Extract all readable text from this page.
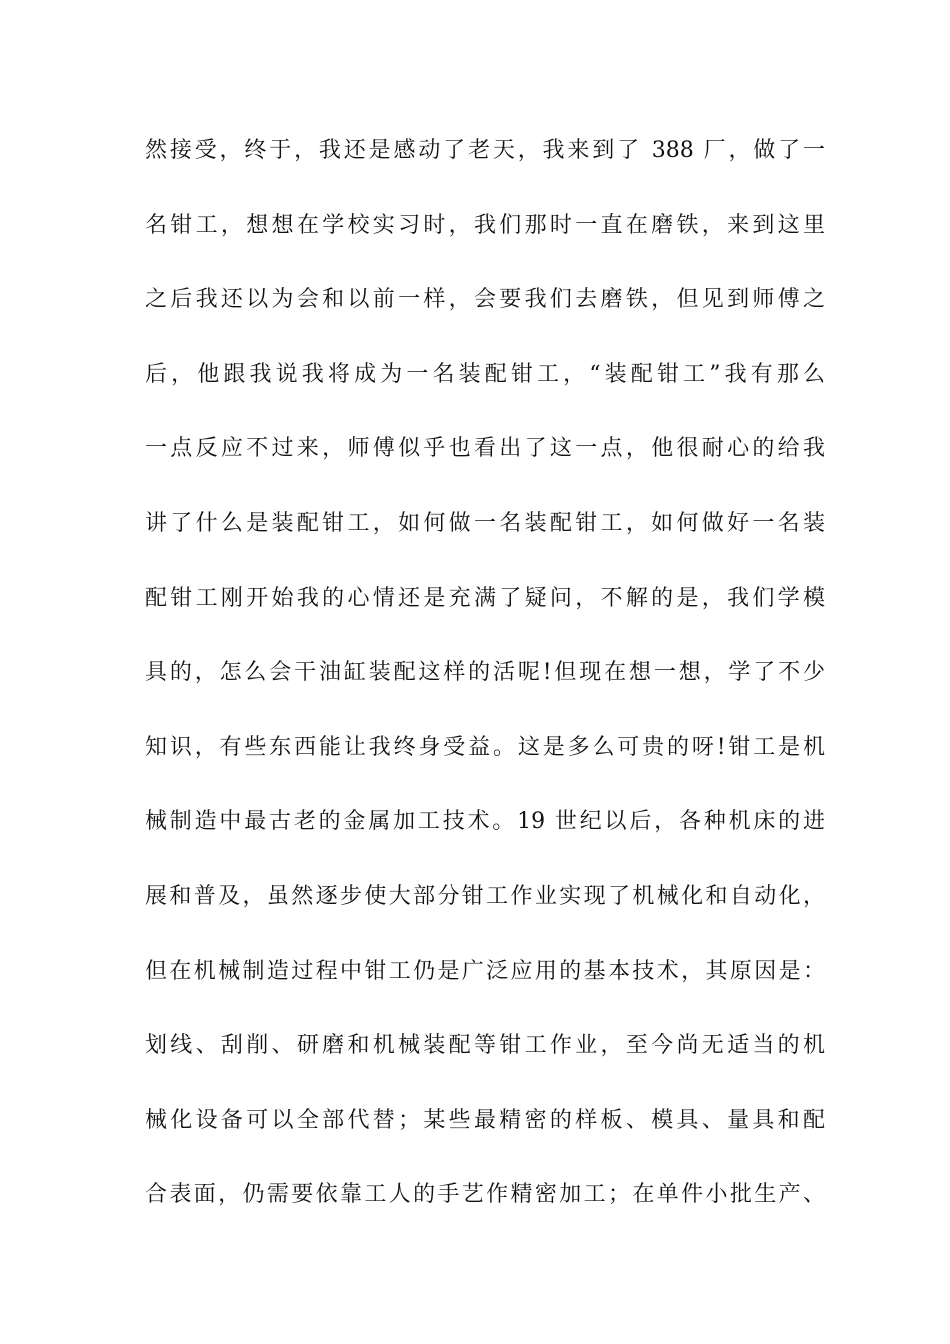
然接受，终于，我还是感动了老天，我来到了 388 厂，做了一
名钳工，想想在学校实习时，我们那时一直在磨铁，来到这里
之后我还以为会和以前一样，会要我们去磨铁，但见到师傅之
后，他跟我说我将成为一名装配钳工，“装配钳工”我有那么
一点反应不过来，师傅似乎也看出了这一点，他很耐心的给我
讲了什么是装配钳工，如何做一名装配钳工，如何做好一名装
配钳工刚开始我的心情还是充满了疑问，不解的是，我们学模
具的，怎么会干油缸装配这样的活呢!但现在想一想，学了不少
知识，有些东西能让我终身受益。这是多么可贵的呀!钳工是机
械制造中最古老的金属加工技术。19 世纪以后，各种机床的进
展和普及，虽然逐步使大部分钳工作业实现了机械化和自动化，
但在机械制造过程中钳工仍是广泛应用的基本技术，其原因是：
划线、刮削、研磨和机械装配等钳工作业，至今尚无适当的机
械化设备可以全部代替；某些最精密的样板、模具、量具和配
合表面，仍需要依靠工人的手艺作精密加工；在单件小批生产、
